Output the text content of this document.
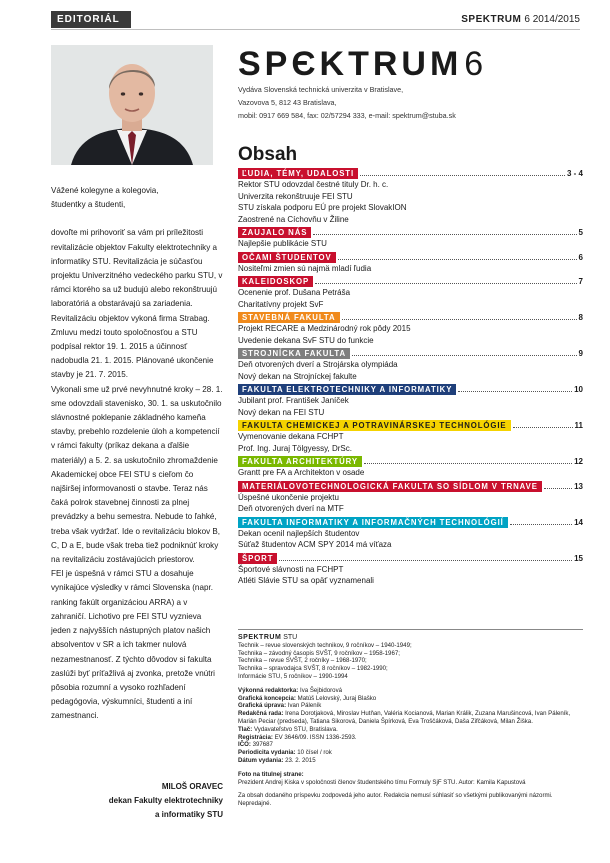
EDITORIÁL	SPEKTRUM 6 2014/2015
SPЄKTRUM6
Vydáva Slovenská technická univerzita v Bratislave,
Vazovova 5, 812 43 Bratislava,
mobil: 0917 669 584, fax: 02/57294 333, e-mail: spektrum@stuba.sk
Obsah
ĽUDIA, TÉMY, UDALOSTI	3 - 4
Rektor STU odovzdal čestné tituly Dr. h. c.
Univerzita rekonštruuje FEI STU
STU získala podporu EÚ pre projekt SlovakION
Zaostrené na Cíchovňu v Žiline
ZAUJALO NÁS	5
Najlepšie publikácie STU
OČAMI ŠTUDENTOV	6
Nositeľmi zmien sú najmä mladí ľudia
KALEIDOSKOP	7
Ocenenie prof. Dušana Petráša
Charitatívny projekt SvF
STAVEBNÁ FAKULTA	8
Projekt RECARE a Medzinárodný rok pôdy 2015
Uvedenie dekana SvF STU do funkcie
STROJNÍCKA FAKULTA	9
Deň otvorených dverí a Strojárska olympiáda
Nový dekan na Strojníckej fakulte
FAKULTA ELEKTROTECHNIKY A INFORMATIKY	10
Jubilant prof. František Janíček
Nový dekan na FEI STU
FAKULTA CHEMICKEJ A POTRAVINÁRSKEJ TECHNOLÓGIE	11
Vymenovanie dekana FCHPT
Prof. Ing. Juraj Tölgyessy, DrSc.
FAKULTA ARCHITEKTÚRY	12
Grantt pre FA a Architekton v osade
MATERIÁLOVOTECHNOLOGICKÁ FAKULTA SO SÍDLOM V TRNAVE	13
Úspešné ukončenie projektu
Deň otvorených dverí na MTF
FAKULTA INFORMATIKY A INFORMAČNÝCH TECHNOLÓGIÍ	14
Dekan ocenil najlepších študentov
Súťaž študentov ACM SPY 2014 má víťaza
ŠPORT	15
Športové slávnosti na FCHPT
Atléti Slávie STU sa opäť vyznamenali

Vážené kolegyne a kolegovia,
študentky a študenti,

dovoľte mi prihovoriť sa vám pri príležitosti revitalizácie objektov Fakulty elektrotechniky a informatiky STU. Revitalizácia je súčasťou projektu Univerzitného vedeckého parku STU, v rámci ktorého sa už budujú alebo rekonštruujú laboratóriá a obstarávajú sa zariadenia. Revitalizáciu objektov vykoná firma Strabag. Zmluvu medzi touto spoločnosťou a STU podpísal rektor 19. 1. 2015 a účinnosť nadobudla 21. 1. 2015. Plánované ukončenie stavby je 21. 7. 2015.

Vykonali sme už prvé nevyhnutné kroky – 28. 1. sme odovzdali stavenisko, 30. 1. sa uskutočnilo slávnostné poklepanie základného kameňa stavby, prebehlo rozdelenie úloh a kompetencií v rámci fakulty (príkaz dekana a ďalšie materiály) a 5. 2. sa uskutočnilo zhromaždenie Akademickej obce FEI STU s cieľom čo najširšej informovanosti o stavbe. Teraz nás čaká polrok stavebnej činnosti za plnej prevádzky a behu semestra. Nebude to ľahké, treba však vydržať. Ide o revitalizáciu blokov B, C, D a E, bude však treba tiež podniknúť kroky na revitalizáciu zostávajúcich priestorov.

FEI je úspešná v rámci STU a dosahuje vynikajúce výsledky v rámci Slovenska (napr. ranking fakúlt organizáciou ARRA) a v zahraničí. Lichotivo pre FEI STU vyznieva jeden z najvyšších nástupných platov našich absolventov v SR a ich takmer nulová nezamestnanosť. Z týchto dôvodov si fakulta zaslúži byť príťažlivá aj zvonka, pretože vnútri pôsobia rozumní a vysoko rozhľadení pedagógovia, výskumníci, študenti a iní zamestnanci.

MILOŠ ORAVEC
dekan Fakulty elektrotechniky
a informatiky STU
SPEKTRUM STU
Technik – revue slovenských technikov, 9 ročníkov – 1940-1949;
Technika – závodný časopis SVŠT, 9 ročníkov – 1958-1967;
Technika – revue SVŠT, 2 ročníky – 1968-1970;
Technika – spravodajca SVŠT, 8 ročníkov – 1982-1990;
Informácie STU, 5 ročníkov – 1990-1994
Výkonná redaktorka: Iva Šejbidorová
Grafická koncepcia: Matúš Lelovský, Juraj Blaško
Grafická úprava: Ivan Páleník
Redakčná rada: Irena Dorotjaková, Miroslav Hutňan, Valéria Kocianová, Marian Králik, Zuzana Marušincová, Ivan Páleník, Marián Peciar (predseda), Tatiana Sikorová, Daniela Špírková, Eva Troščáková, Daša Zifčáková, Milan Žiška.
Tlač: Vydavateľstvo STU, Bratislava.
Registrácia: EV 3646/09. ISSN 1336-2593.
IČO: 397687
Periodicita vydania: 10 čísel / rok
Dátum vydania: 23. 2. 2015
Foto na titulnej strane:
Prezident Andrej Kiska v spoločnosti členov študentského tímu Formuly SjF STU. Autor: Kamila Kapustová
Za obsah dodaného príspevku zodpovedá jeho autor. Redakcia nemusí súhlasiť so všetkými publikovanými názormi. Nepredajné.
